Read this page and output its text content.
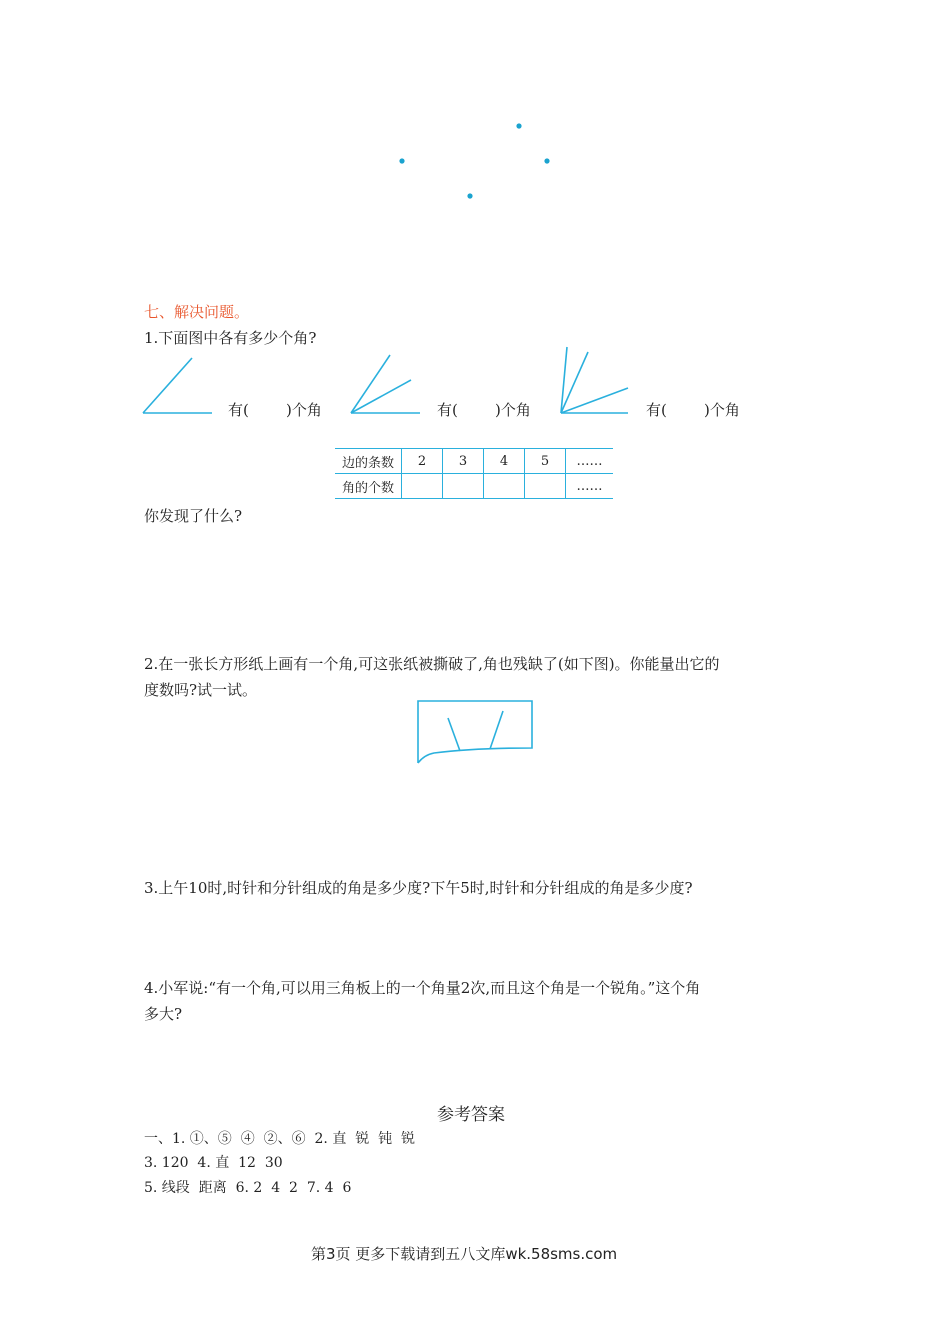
七、解决问题。
1.下面图中各有多少个角?
有( )个角	有( )个角	有( )个角
边的条数	2	3	4	5	……
角的个数					……
你发现了什么?
2.在一张长方形纸上画有一个角,可这张纸被撕破了,角也残缺了(如下图)。你能量出它的
度数吗?试一试。
3.上午10时,时针和分针组成的角是多少度?下午5时,时针和分针组成的角是多少度?
4.小军说:“有一个角,可以用三角板上的一个角量2次,而且这个角是一个锐角。”这个角
多大?
参考答案
一、1. ①、⑤  ④  ②、⑥  2. 直  锐  钝  锐
3. 120  4. 直  12  30
5. 线段  距离  6. 2  4  2  7. 4  6
第3页 更多下载请到五八文库wk.58sms.com
